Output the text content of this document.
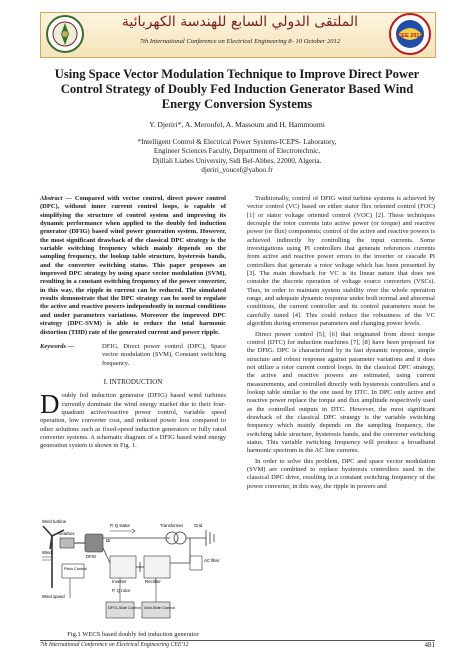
الملتقى الدولي السابع للهندسة الكهربائية
7th International Conference on Electrical Engineering 8- 10 October 2012
CEE 2012
Using Space Vector Modulation Technique to Improve Direct Power Control Strategy of Doubly Fed Induction Generator Based Wind Energy Conversion Systems
Y. Djeriri*, A. Meroufel, A. Massoum and H. Hammoumi
*Intelligent Control & Electrical Power Systems-ICEPS- Laboratory,
Engineer Sciences Faculty, Department of Electrotechnic,
Djillali Liabes University, Sidi Bel-Abbes, 22000, Algeria.
djeriri_youcef@yahoo.fr

Abstract — Compared with vector control, direct power control (DPC), without inner current control loops, is capable of simplifying the structure of control system and improving its dynamic performance when applied to the doubly fed induction generator (DFIG) based wind power generation system. However, the most significant drawback of the classical DPC strategy is the variable switching frequency which mainly depends on the sampling frequency, the lookup table structure, hysteresis bands, and the converter switching status. This paper proposes an improved DPC strategy by using space vector modulation (SVM), resulting in a constant switching frequency of the power converter, in this way, the ripple in current can be reduced. The simulated results demonstrate that the DPC strategy can be used to regulate the active and reactive powers independently in normal conditions and under parameters variations. Moreover the improved DPC strategy (DPC-SVM) is able to reduce the total harmonic distortion (THD) rate of the generated current and power ripple.

Keywords —	DFIG, Direct power control (DPC), Space vector modulation (SVM), Constant switching frequency.

I. INTRODUCTION

Doubly fed induction generator (DFIG) based wind turbines currently dominate the wind energy market due to their four-quadrant active/reactive power control, variable speed operation, low converter cost, and reduced power loss compared to other solutions such as fixed-speed induction generators or fully rated converter systems. A schematic diagram of a DFIG based wind energy generation system is shown in Fig. 1.

Wind turbine
Wind
Gearbox
DFIG
Ωr
P, Q stator	Transformer	Grid
Inverter	Rectifier
AC filter
Pitch Control
Wind speed
P, Q rotor
DFIG-Side Control Grid-Side Control
Fig.1 WECS based doubly fed induction generator

Traditionally, control of DFIG wind turbine systems is achieved by vector control (VC) based on either stator flux oriented control (FOC) [1] or stator voltage oriented control (VOC) [2]. These techniques decouple the rotor currents into active power (or torque) and reactive power (or flux) components; control of the active and reactive powers is achieved indirectly by controlling the input currents. Some investigations using PI controllers that generate references currents from active and reactive power errors to the inverter or cascade PI controllers that generate a rotor voltage which has been presented by [3]. The main drawback for VC is its linear nature that does not consider the discrete operation of voltage source converters (VSCs). Thus, in order to maintain system stability over the whole operation range, and adequate dynamic response under both normal and abnormal conditions, the current controller and its control parameters must be carefully tuned [4]. This could reduce the robustness of the VC algorithm during erroneous parameters and changing power levels.

Direct power control [5], [6] that originated from direct torque control (DTC) for induction machines [7], [8] have been proposed for the DFIG. DPC is characterized by its fast dynamic response, simple structure and robust response against parameter variations and it does not utilize a rotor current control loops. In the classical DPC strategy, the active and reactive powers are estimated, using current measurements, and controlled directly with hysteresis controllers and a lookup table similar to the one used by DTC. In DPC only active and reactive power replace the torque and flux amplitude respectively used as the controlled outputs in DTC. However, the most significant drawback of the classical DPC strategy is the variable switching frequency which mainly depends on the sampling frequency, the switching table structure, hysteresis bands, and the converter switching status. This variable switching frequency will produce a broadband harmonic spectrum in the AC line currents.

In order to solve this problem, DPC and space vector modulation (SVM) are combined to replace hysteresis controllers used in the classical DPC drive, resulting in a constant switching frequency of the power converter, in this way, the ripple in powers and

7th International Conference on Electrical Engineering CEE'12	481
